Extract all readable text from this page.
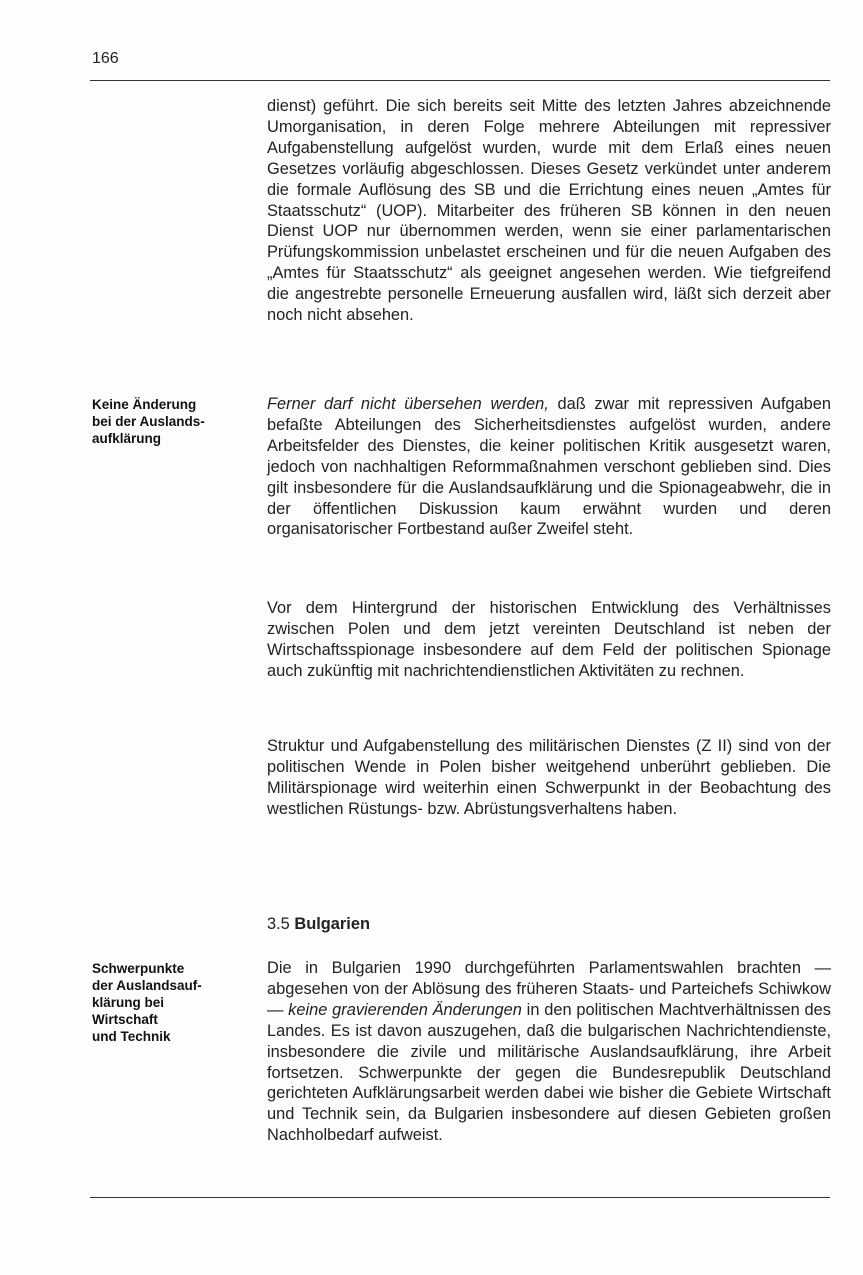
166

dienst) geführt. Die sich bereits seit Mitte des letzten Jahres abzeichnende Umorganisation, in deren Folge mehrere Abteilungen mit repressiver Aufgabenstellung aufgelöst wurden, wurde mit dem Erlaß eines neuen Gesetzes vorläufig abgeschlossen. Dieses Gesetz verkündet unter anderem die formale Auflösung des SB und die Errichtung eines neuen „Amtes für Staatsschutz“ (UOP). Mitarbeiter des früheren SB können in den neuen Dienst UOP nur übernommen werden, wenn sie einer parlamentarischen Prüfungskommission unbelastet erscheinen und für die neuen Aufgaben des „Amtes für Staatsschutz“ als geeignet angesehen werden. Wie tiefgreifend die angestrebte personelle Erneuerung ausfallen wird, läßt sich derzeit aber noch nicht absehen.

Keine Änderung
bei der Auslands-
aufklärung

Ferner darf nicht übersehen werden, daß zwar mit repressiven Aufgaben befaßte Abteilungen des Sicherheitsdienstes aufgelöst wurden, andere Arbeitsfelder des Dienstes, die keiner politischen Kritik ausgesetzt waren, jedoch von nachhaltigen Reformmaßnahmen verschont geblieben sind. Dies gilt insbesondere für die Auslandsaufklärung und die Spionageabwehr, die in der öffentlichen Diskussion kaum erwähnt wurden und deren organisatorischer Fortbestand außer Zweifel steht.

Vor dem Hintergrund der historischen Entwicklung des Verhältnisses zwischen Polen und dem jetzt vereinten Deutschland ist neben der Wirtschaftsspionage insbesondere auf dem Feld der politischen Spionage auch zukünftig mit nachrichtendienstlichen Aktivitäten zu rechnen.

Struktur und Aufgabenstellung des militärischen Dienstes (Z II) sind von der politischen Wende in Polen bisher weitgehend unberührt geblieben. Die Militärspionage wird weiterhin einen Schwerpunkt in der Beobachtung des westlichen Rüstungs- bzw. Abrüstungsverhaltens haben.

3.5 Bulgarien
Schwerpunkte
der Auslandsauf-
klärung bei
Wirtschaft
und Technik

Die in Bulgarien 1990 durchgeführten Parlamentswahlen brachten — abgesehen von der Ablösung des früheren Staats- und Parteichefs Schiwkow — keine gravierenden Änderungen in den politischen Machtverhältnissen des Landes. Es ist davon auszugehen, daß die bulgarischen Nachrichtendienste, insbesondere die zivile und militärische Auslandsaufklärung, ihre Arbeit fortsetzen. Schwerpunkte der gegen die Bundesrepublik Deutschland gerichteten Aufklärungsarbeit werden dabei wie bisher die Gebiete Wirtschaft und Technik sein, da Bulgarien insbesondere auf diesen Gebieten großen Nachholbedarf aufweist.
